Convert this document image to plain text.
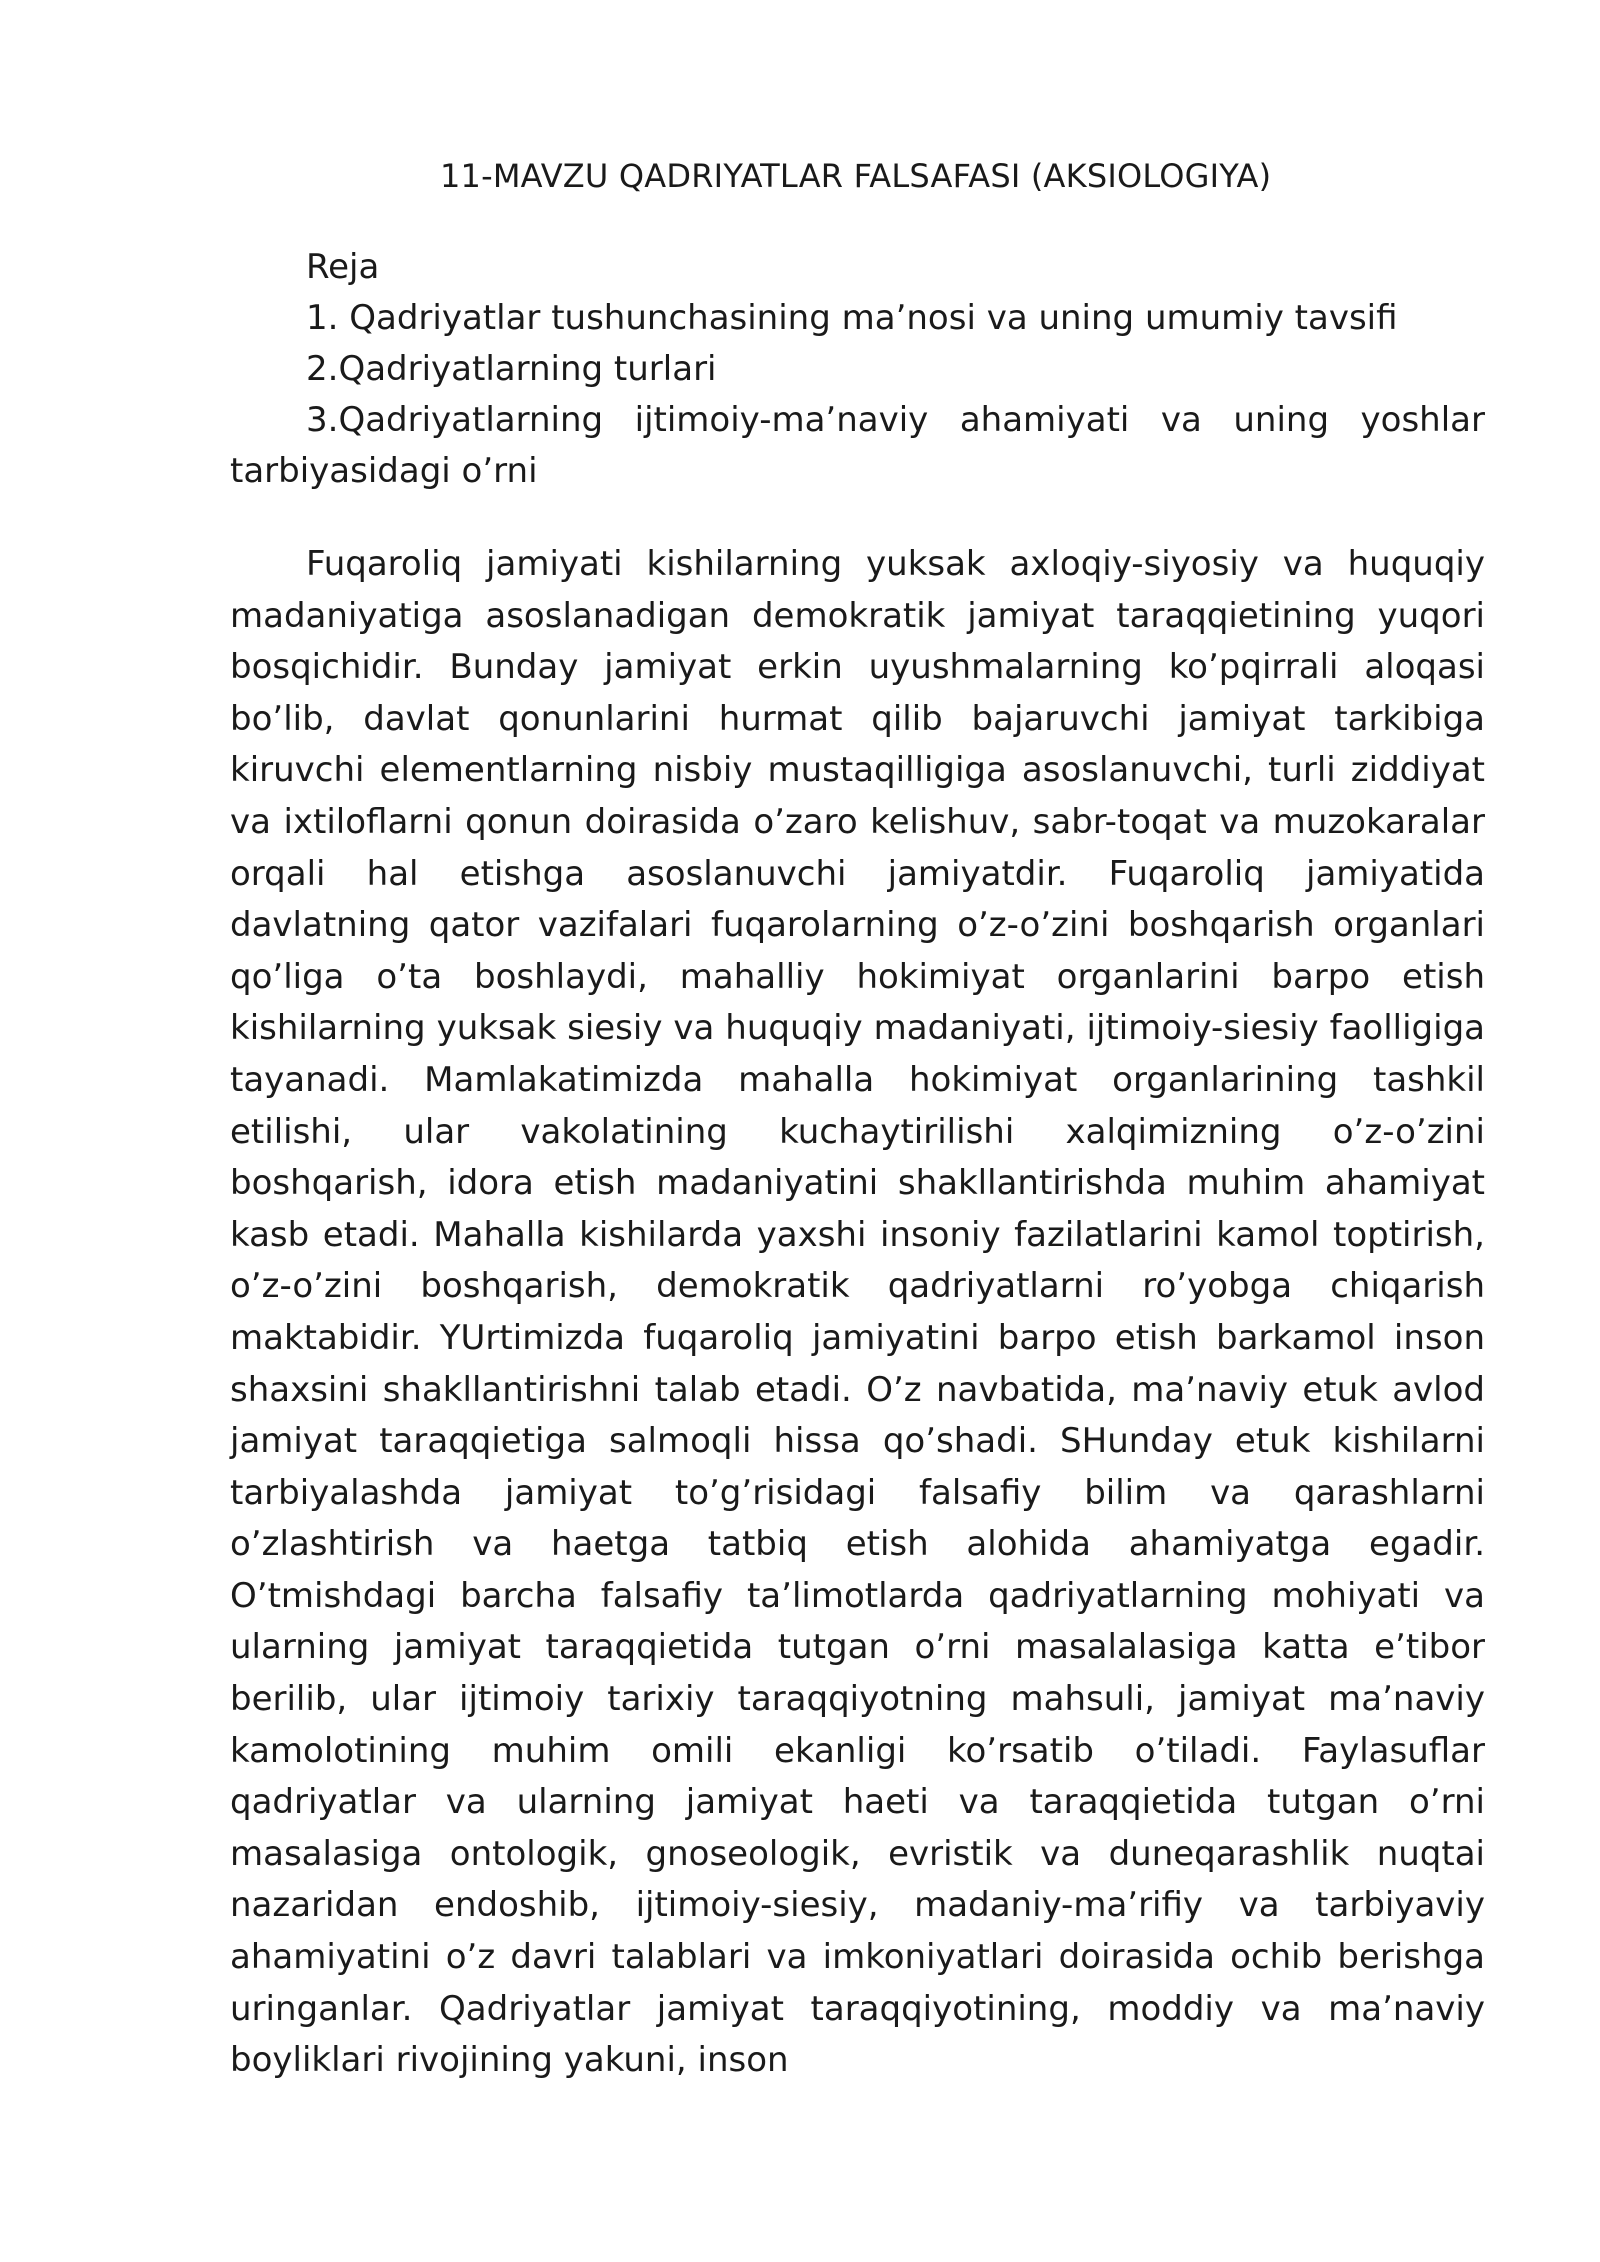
11-MAVZU QADRIYATLAR FALSAFASI (AKSIOLOGIYA)

Reja

1. Qadriyatlar tushunchasining ma’nosi va uning umumiy tavsifi

2.Qadriyatlarning turlari

3.Qadriyatlarning ijtimoiy-ma’naviy ahamiyati va uning yoshlar tarbiyasidagi o’rni

Fuqaroliq jamiyati kishilarning yuksak axloqiy-siyosiy va huquqiy madaniyatiga asoslanadigan demokratik jamiyat taraqqietining yuqori bosqichidir. Bunday jamiyat erkin uyushmalarning ko’pqirrali aloqasi bo’lib, davlat qonunlarini hurmat qilib bajaruvchi jamiyat tarkibiga kiruvchi elementlarning nisbiy mustaqilligiga asoslanuvchi, turli ziddiyat va ixtiloflarni qonun doirasida o’zaro kelishuv, sabr-toqat va muzokaralar orqali hal etishga asoslanuvchi jamiyatdir. Fuqaroliq jamiyatida davlatning qator vazifalari fuqarolarning o’z-o’zini boshqarish organlari qo’liga o’ta boshlaydi, mahalliy hokimiyat organlarini barpo etish kishilarning yuksak siesiy va huquqiy madaniyati, ijtimoiy-siesiy faolligiga tayanadi. Mamlakatimizda mahalla hokimiyat organlarining tashkil etilishi, ular vakolatining kuchaytirilishi xalqimizning o’z-o’zini boshqarish, idora etish madaniyatini shakllantirishda muhim ahamiyat kasb etadi. Mahalla kishilarda yaxshi insoniy fazilatlarini kamol toptirish, o’z-o’zini boshqarish, demokratik qadriyatlarni ro’yobga chiqarish maktabidir. YUrtimizda fuqaroliq jamiyatini barpo etish barkamol inson shaxsini shakllantirishni talab etadi. O’z navbatida, ma’naviy etuk avlod jamiyat taraqqietiga salmoqli hissa qo’shadi. SHunday etuk kishilarni tarbiyalashda jamiyat to’g’risidagi falsafiy bilim va qarashlarni o’zlashtirish va haetga tatbiq etish alohida ahamiyatga egadir. O’tmishdagi barcha falsafiy ta’limotlarda qadriyatlarning mohiyati va ularning jamiyat taraqqietida tutgan o’rni masalalasiga katta e’tibor berilib, ular ijtimoiy tarixiy taraqqiyotning mahsuli, jamiyat ma’naviy kamolotining muhim omili ekanligi ko’rsatib o’tiladi. Faylasuflar qadriyatlar va ularning jamiyat haeti va taraqqietida tutgan o’rni masalasiga ontologik, gnoseologik, evristik va duneqarashlik nuqtai nazaridan endoshib, ijtimoiy-siesiy, madaniy-ma’rifiy va tarbiyaviy ahamiyatini o’z davri talablari va imkoniyatlari doirasida ochib berishga uringanlar. Qadriyatlar jamiyat taraqqiyotining, moddiy va ma’naviy boyliklari rivojining yakuni, inson
